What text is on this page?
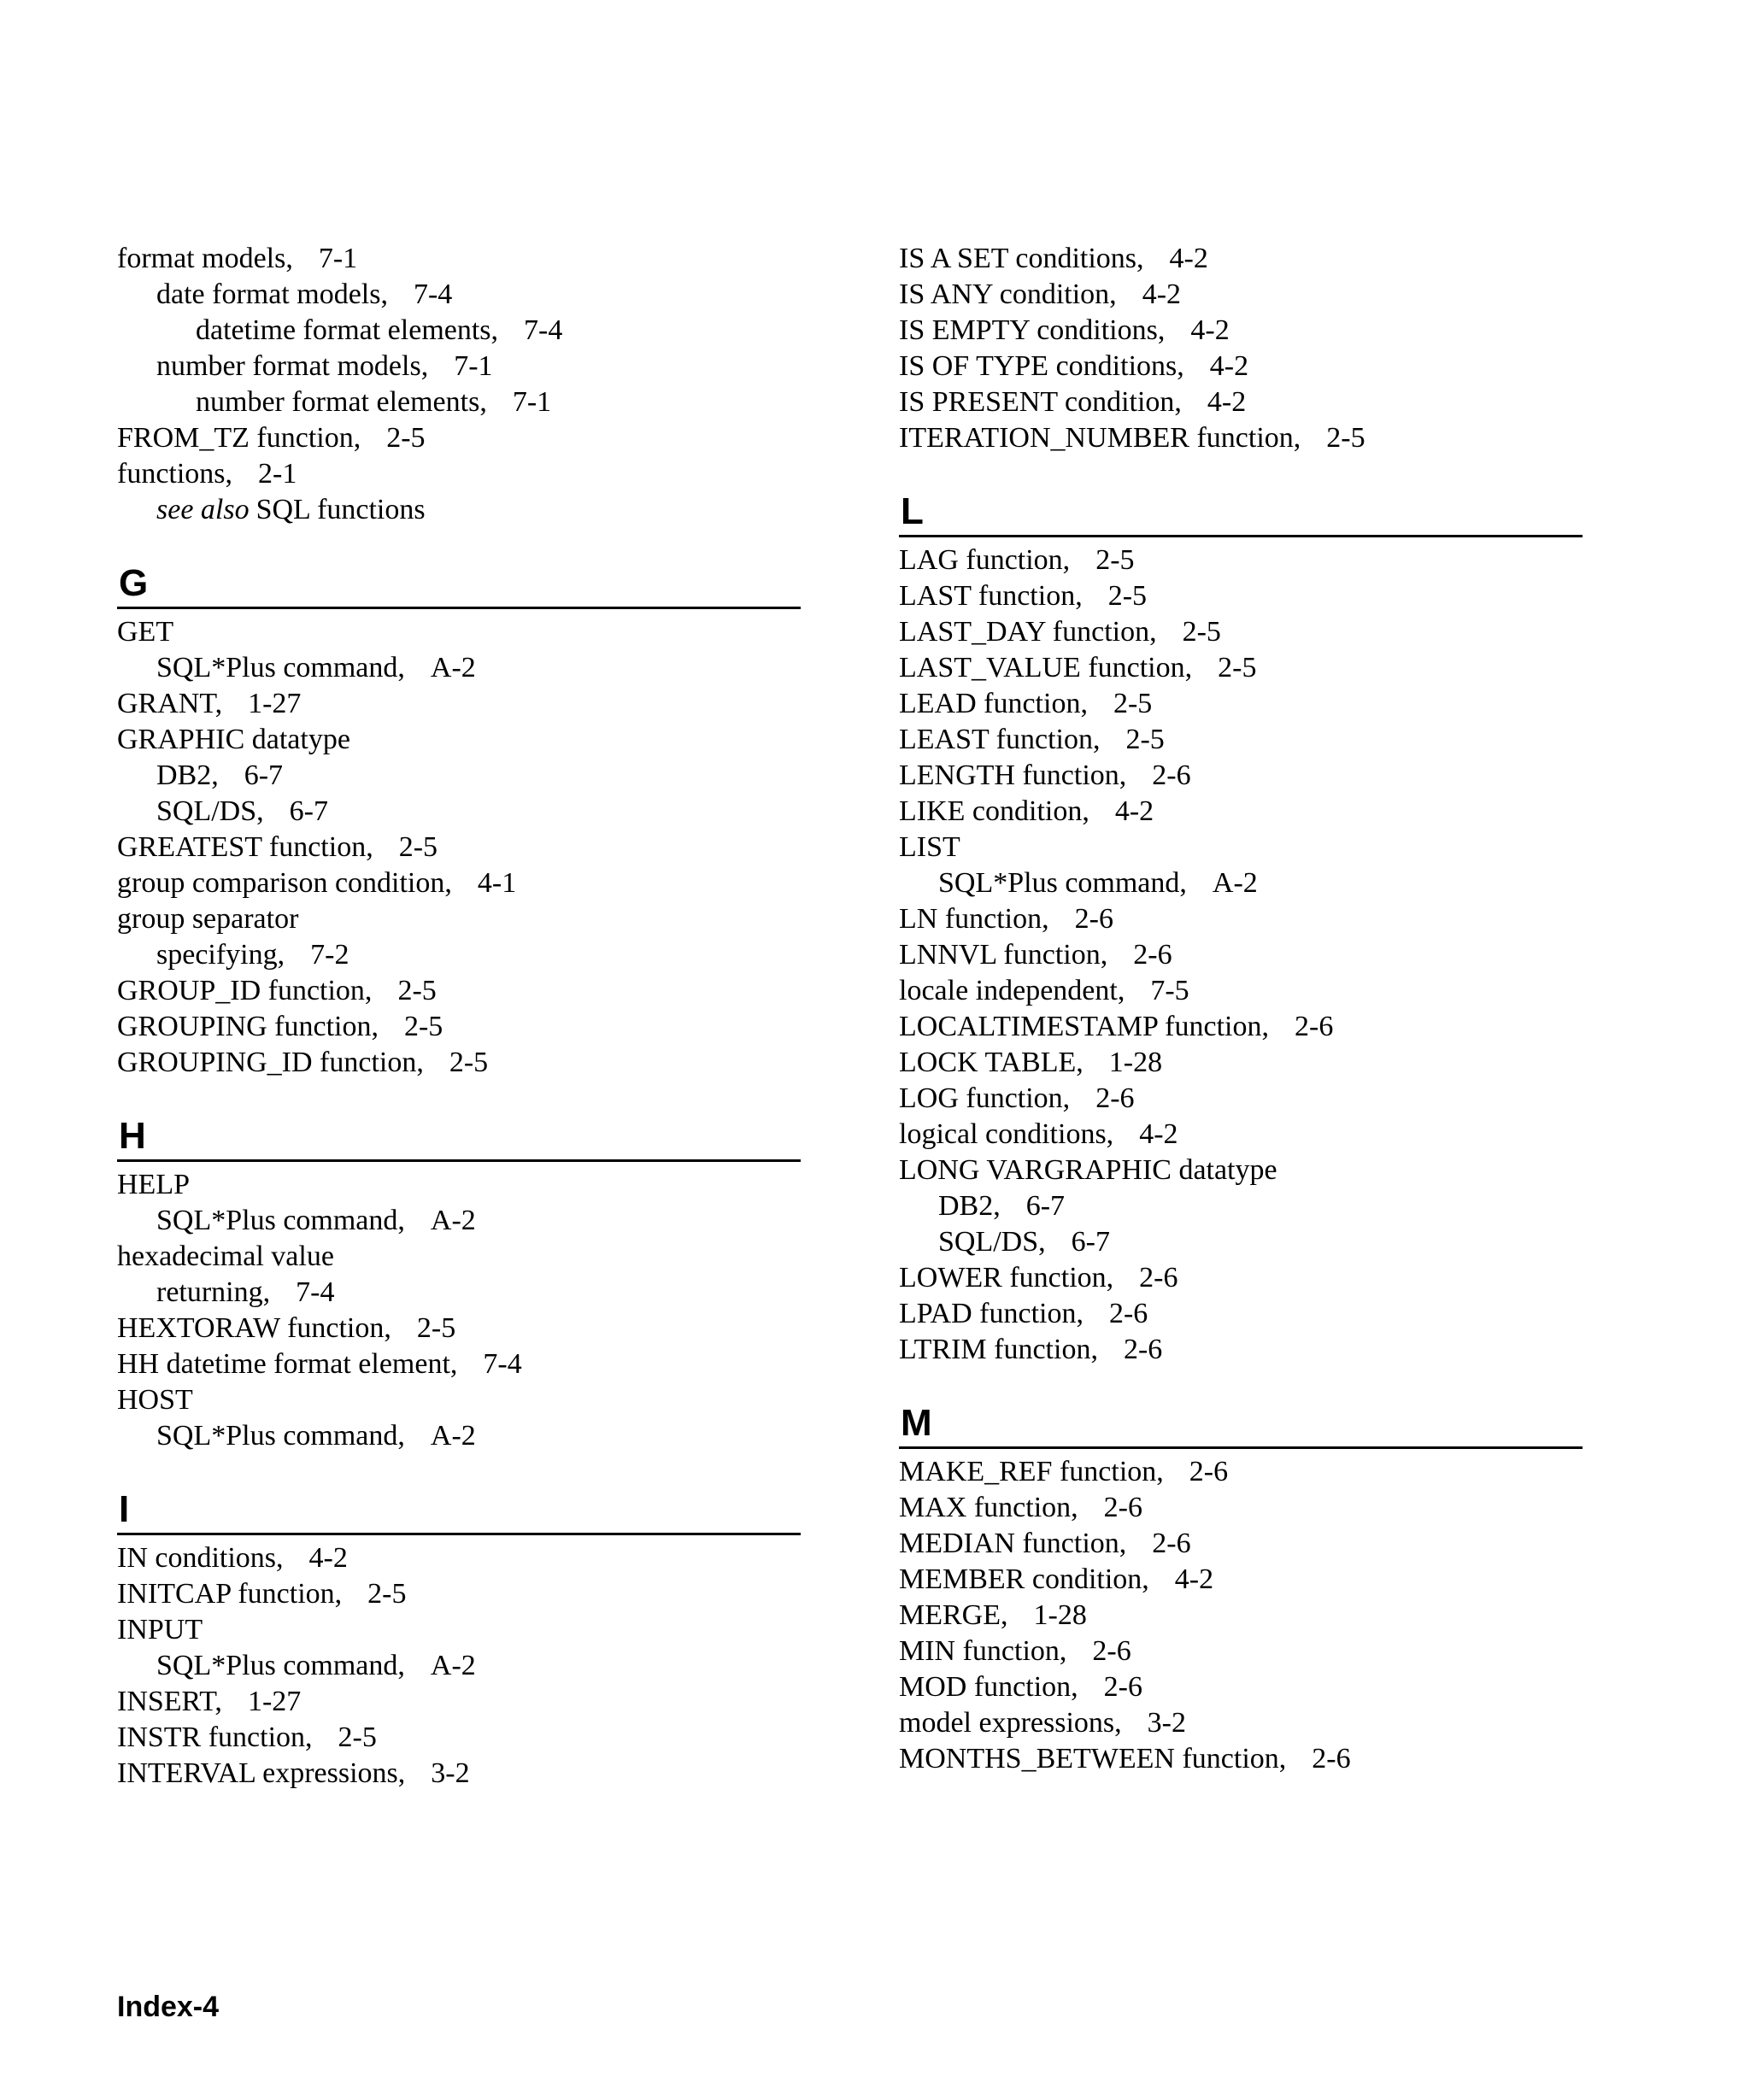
format models, 7-1
date format models, 7-4
datetime format elements, 7-4
number format models, 7-1
number format elements, 7-1
FROM_TZ function, 2-5
functions, 2-1
see also SQL functions
G
GET
SQL*Plus command, A-2
GRANT, 1-27
GRAPHIC datatype
DB2, 6-7
SQL/DS, 6-7
GREATEST function, 2-5
group comparison condition, 4-1
group separator
specifying, 7-2
GROUP_ID function, 2-5
GROUPING function, 2-5
GROUPING_ID function, 2-5
H
HELP
SQL*Plus command, A-2
hexadecimal value
returning, 7-4
HEXTORAW function, 2-5
HH datetime format element, 7-4
HOST
SQL*Plus command, A-2
I
IN conditions, 4-2
INITCAP function, 2-5
INPUT
SQL*Plus command, A-2
INSERT, 1-27
INSTR function, 2-5
INTERVAL expressions, 3-2
IS A SET conditions, 4-2
IS ANY condition, 4-2
IS EMPTY conditions, 4-2
IS OF TYPE conditions, 4-2
IS PRESENT condition, 4-2
ITERATION_NUMBER function, 2-5
L
LAG function, 2-5
LAST function, 2-5
LAST_DAY function, 2-5
LAST_VALUE function, 2-5
LEAD function, 2-5
LEAST function, 2-5
LENGTH function, 2-6
LIKE condition, 4-2
LIST
SQL*Plus command, A-2
LN function, 2-6
LNNVL function, 2-6
locale independent, 7-5
LOCALTIMESTAMP function, 2-6
LOCK TABLE, 1-28
LOG function, 2-6
logical conditions, 4-2
LONG VARGRAPHIC datatype
DB2, 6-7
SQL/DS, 6-7
LOWER function, 2-6
LPAD function, 2-6
LTRIM function, 2-6
M
MAKE_REF function, 2-6
MAX function, 2-6
MEDIAN function, 2-6
MEMBER condition, 4-2
MERGE, 1-28
MIN function, 2-6
MOD function, 2-6
model expressions, 3-2
MONTHS_BETWEEN function, 2-6
Index-4
